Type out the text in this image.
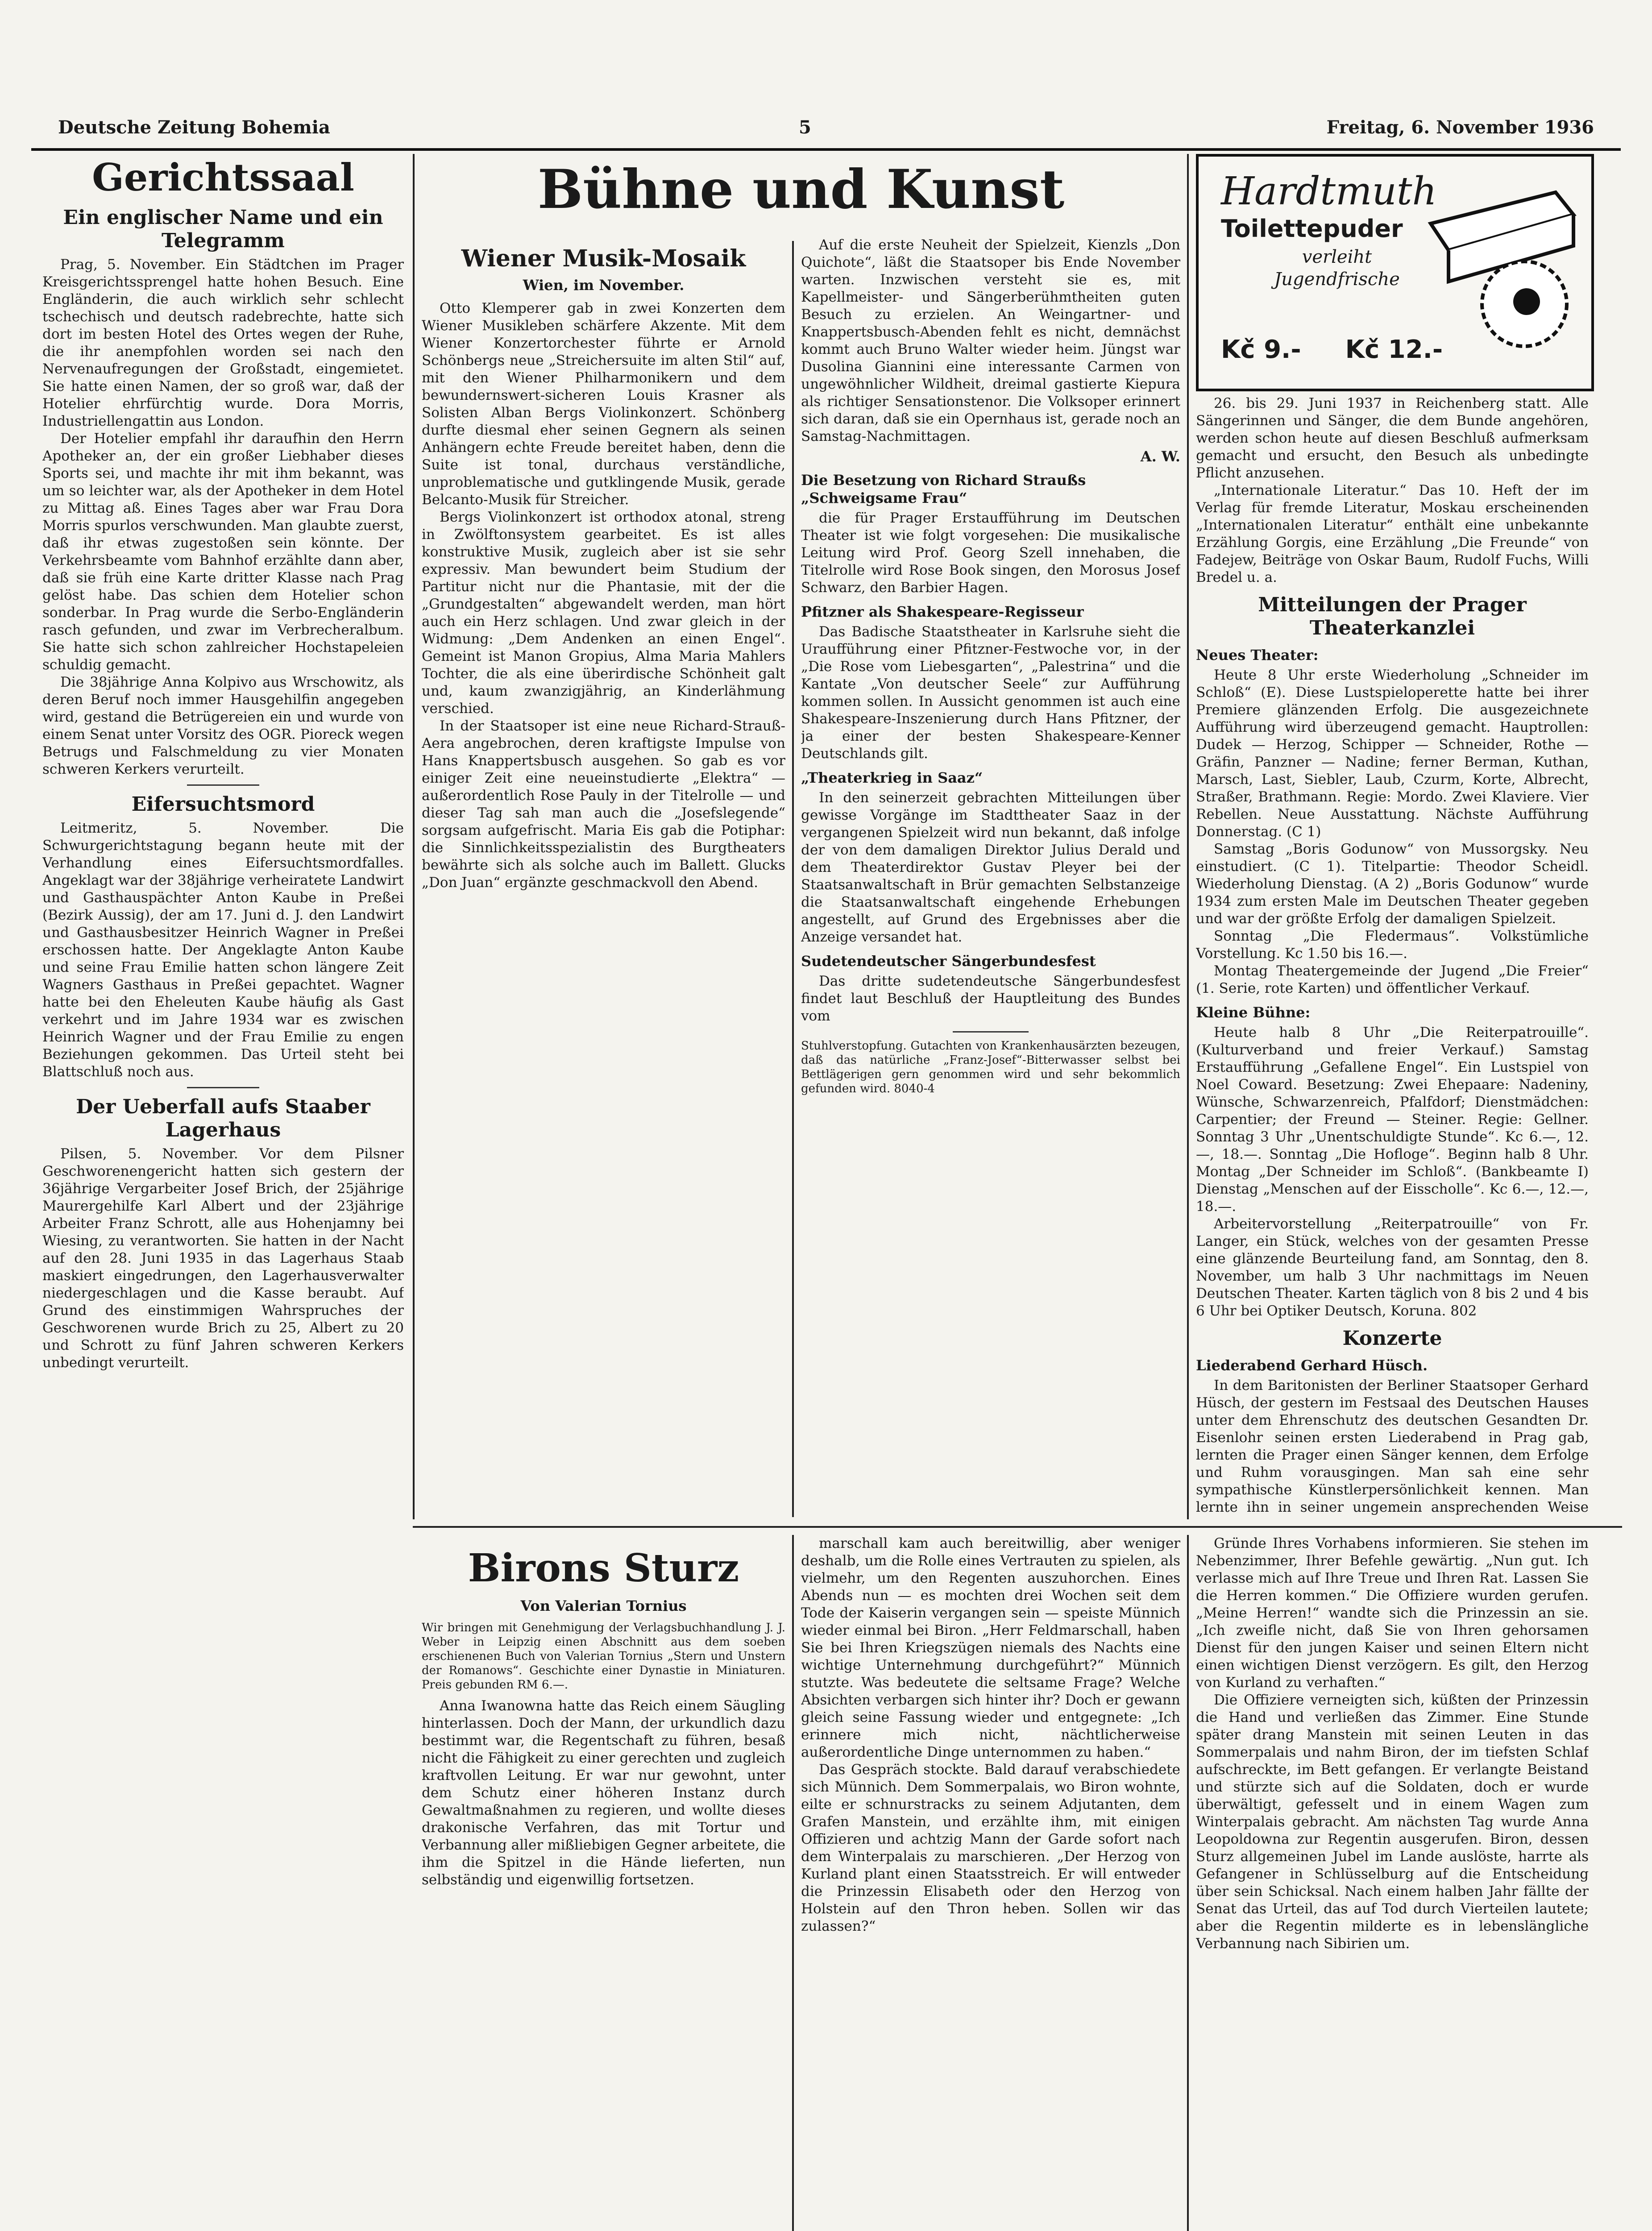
Deutsche Zeitung Bohemia	5	Freitag, 6. November 1936
Gerichtssaal
Ein englischer Name und ein Telegramm

Prag, 5. November. Ein Städtchen im Prager Kreisgerichtssprengel hatte hohen Besuch. Eine Engländerin, die auch wirklich sehr schlecht tschechisch und deutsch radebrechte, hatte sich dort im besten Hotel des Ortes wegen der Ruhe, die ihr anempfohlen worden sei nach den Nervenaufregungen der Großstadt, eingemietet. Sie hatte einen Namen, der so groß war, daß der Hotelier ehrfürchtig wurde. Dora Morris, Industriellengattin aus London.

Der Hotelier empfahl ihr daraufhin den Herrn Apotheker an, der ein großer Liebhaber dieses Sports sei, und machte ihr mit ihm bekannt, was um so leichter war, als der Apotheker in dem Hotel zu Mittag aß. Eines Tages aber war Frau Dora Morris spurlos verschwunden. Man glaubte zuerst, daß ihr etwas zugestoßen sein könnte. Der Verkehrsbeamte vom Bahnhof erzählte dann aber, daß sie früh eine Karte dritter Klasse nach Prag gelöst habe. Das schien dem Hotelier schon sonderbar. In Prag wurde die Serbo-Engländerin rasch gefunden, und zwar im Verbrecheralbum. Sie hatte sich schon zahlreicher Hochstapeleien schuldig gemacht.

Die 38jährige Anna Kolpivo aus Wrschowitz, als deren Beruf noch immer Hausgehilfin angegeben wird, gestand die Betrügereien ein und wurde von einem Senat unter Vorsitz des OGR. Pioreck wegen Betrugs und Falschmeldung zu vier Monaten schweren Kerkers verurteilt.

Eifersuchtsmord

Leitmeritz, 5. November. Die Schwurgerichtstagung begann heute mit der Verhandlung eines Eifersuchtsmordfalles. Angeklagt war der 38jährige verheiratete Landwirt und Gasthauspächter Anton Kaube in Preßei (Bezirk Aussig), der am 17. Juni d. J. den Landwirt und Gasthausbesitzer Heinrich Wagner in Preßei erschossen hatte. Der Angeklagte Anton Kaube und seine Frau Emilie hatten schon längere Zeit Wagners Gasthaus in Preßei gepachtet. Wagner hatte bei den Eheleuten Kaube häufig als Gast verkehrt und im Jahre 1934 war es zwischen Heinrich Wagner und der Frau Emilie zu engen Beziehungen gekommen. Das Urteil steht bei Blattschluß noch aus.

Der Ueberfall aufs Staaber Lagerhaus

Pilsen, 5. November. Vor dem Pilsner Geschworenengericht hatten sich gestern der 36jährige Vergarbeiter Josef Brich, der 25jährige Maurergehilfe Karl Albert und der 23jährige Arbeiter Franz Schrott, alle aus Hohenjamny bei Wiesing, zu verantworten. Sie hatten in der Nacht auf den 28. Juni 1935 in das Lagerhaus Staab maskiert eingedrungen, den Lagerhausverwalter niedergeschlagen und die Kasse beraubt. Auf Grund des einstimmigen Wahrspruches der Geschworenen wurde Brich zu 25, Albert zu 20 und Schrott zu fünf Jahren schweren Kerkers unbedingt verurteilt.

Bühne und Kunst
Wiener Musik-Mosaik
Wien, im November.

Otto Klemperer gab in zwei Konzerten dem Wiener Musikleben schärfere Akzente. Mit dem Wiener Konzertorchester führte er Arnold Schönbergs neue „Streichersuite im alten Stil“ auf, mit den Wiener Philharmonikern und dem bewundernswert-sicheren Louis Krasner als Solisten Alban Bergs Violinkonzert. Schönberg durfte diesmal eher seinen Gegnern als seinen Anhängern echte Freude bereitet haben, denn die Suite ist tonal, durchaus verständliche, unproblematische und gutklingende Musik, gerade Belcanto-Musik für Streicher.

Bergs Violinkonzert ist orthodox atonal, streng in Zwölftonsystem gearbeitet. Es ist alles konstruktive Musik, zugleich aber ist sie sehr expressiv. Man bewundert beim Studium der Partitur nicht nur die Phantasie, mit der die „Grundgestalten“ abgewandelt werden, man hört auch ein Herz schlagen. Und zwar gleich in der Widmung: „Dem Andenken an einen Engel“. Gemeint ist Manon Gropius, Alma Maria Mahlers Tochter, die als eine überirdische Schönheit galt und, kaum zwanzigjährig, an Kinderlähmung verschied.

In der Staatsoper ist eine neue Richard-Strauß-Aera angebrochen, deren kraftigste Impulse von Hans Knappertsbusch ausgehen. So gab es vor einiger Zeit eine neueinstudierte „Elektra“ — außerordentlich Rose Pauly in der Titelrolle — und dieser Tag sah man auch die „Josefslegende“ sorgsam aufgefrischt. Maria Eis gab die Potiphar: die Sinnlichkeitsspezialistin des Burgtheaters bewährte sich als solche auch im Ballett. Glucks „Don Juan“ ergänzte geschmackvoll den Abend.

Auf die erste Neuheit der Spielzeit, Kienzls „Don Quichote“, läßt die Staatsoper bis Ende November warten. Inzwischen versteht sie es, mit Kapellmeister- und Sängerberühmtheiten guten Besuch zu erzielen. An Weingartner- und Knappertsbusch-Abenden fehlt es nicht, demnächst kommt auch Bruno Walter wieder heim. Jüngst war Dusolina Giannini eine interessante Carmen von ungewöhnlicher Wildheit, dreimal gastierte Kiepura als richtiger Sensationstenor. Die Volksoper erinnert sich daran, daß sie ein Opernhaus ist, gerade noch an Samstag-Nachmittagen.

A. W.
Die Besetzung von Richard Straußs „Schweigsame Frau“

die für Prager Erstaufführung im Deutschen Theater ist wie folgt vorgesehen: Die musikalische Leitung wird Prof. Georg Szell innehaben, die Titelrolle wird Rose Book singen, den Morosus Josef Schwarz, den Barbier Hagen.

Pfitzner als Shakespeare-Regisseur

Das Badische Staatstheater in Karlsruhe sieht die Uraufführung einer Pfitzner-Festwoche vor, in der „Die Rose vom Liebesgarten“, „Palestrina“ und die Kantate „Von deutscher Seele“ zur Aufführung kommen sollen. In Aussicht genommen ist auch eine Shakespeare-Inszenierung durch Hans Pfitzner, der ja einer der besten Shakespeare-Kenner Deutschlands gilt.

„Theaterkrieg in Saaz“

In den seinerzeit gebrachten Mitteilungen über gewisse Vorgänge im Stadttheater Saaz in der vergangenen Spielzeit wird nun bekannt, daß infolge der von dem damaligen Direktor Julius Derald und dem Theaterdirektor Gustav Pleyer bei der Staatsanwaltschaft in Brür gemachten Selbstanzeige die Staatsanwaltschaft eingehende Erhebungen angestellt, auf Grund des Ergebnisses aber die Anzeige versandet hat.

Sudetendeutscher Sängerbundesfest

Das dritte sudetendeutsche Sängerbundesfest findet laut Beschluß der Hauptleitung des Bundes vom

Stuhlverstopfung. Gutachten von Krankenhausärzten bezeugen, daß das natürliche „Franz-Josef“-Bitterwasser selbst bei Bettlägerigen gern genommen wird und sehr bekommlich gefunden wird. 8040-4

Hardtmuth
Toilettepuder
verleiht Jugendfrische
Kč 9.- Kč 12.-

26. bis 29. Juni 1937 in Reichenberg statt. Alle Sängerinnen und Sänger, die dem Bunde angehören, werden schon heute auf diesen Beschluß aufmerksam gemacht und ersucht, den Besuch als unbedingte Pflicht anzusehen.

„Internationale Literatur.“ Das 10. Heft der im Verlag für fremde Literatur, Moskau erscheinenden „Internationalen Literatur“ enthält eine unbekannte Erzählung Gorgis, eine Erzählung „Die Freunde“ von Fadejew, Beiträge von Oskar Baum, Rudolf Fuchs, Willi Bredel u. a.

Mitteilungen der Prager Theaterkanzlei
Neues Theater:

Heute 8 Uhr erste Wiederholung „Schneider im Schloß“ (E). Diese Lustspieloperette hatte bei ihrer Premiere glänzenden Erfolg. Die ausgezeichnete Aufführung wird überzeugend gemacht. Hauptrollen: Dudek — Herzog, Schipper — Schneider, Rothe — Gräfin, Panzner — Nadine; ferner Berman, Kuthan, Marsch, Last, Siebler, Laub, Czurm, Korte, Albrecht, Straßer, Brathmann. Regie: Mordo. Zwei Klaviere. Vier Rebellen. Neue Ausstattung. Nächste Aufführung Donnerstag. (C 1)

Samstag „Boris Godunow“ von Mussorgsky. Neu einstudiert. (C 1). Titelpartie: Theodor Scheidl. Wiederholung Dienstag. (A 2) „Boris Godunow“ wurde 1934 zum ersten Male im Deutschen Theater gegeben und war der größte Erfolg der damaligen Spielzeit.

Sonntag „Die Fledermaus“. Volkstümliche Vorstellung. Kc 1.50 bis 16.—.

Montag Theatergemeinde der Jugend „Die Freier“ (1. Serie, rote Karten) und öffentlicher Verkauf.

Kleine Bühne:

Heute halb 8 Uhr „Die Reiterpatrouille“. (Kulturverband und freier Verkauf.) Samstag Erstaufführung „Gefallene Engel“. Ein Lustspiel von Noel Coward. Besetzung: Zwei Ehepaare: Nadeniny, Wünsche, Schwarzenreich, Pfalfdorf; Dienstmädchen: Carpentier; der Freund — Steiner. Regie: Gellner. Sonntag 3 Uhr „Unentschuldigte Stunde“. Kc 6.—, 12.—, 18.—. Sonntag „Die Hofloge“. Beginn halb 8 Uhr. Montag „Der Schneider im Schloß“. (Bankbeamte I) Dienstag „Menschen auf der Eisscholle“. Kc 6.—, 12.—, 18.—.

Arbeitervorstellung „Reiterpatrouille“ von Fr. Langer, ein Stück, welches von der gesamten Presse eine glänzende Beurteilung fand, am Sonntag, den 8. November, um halb 3 Uhr nachmittags im Neuen Deutschen Theater. Karten täglich von 8 bis 2 und 4 bis 6 Uhr bei Optiker Deutsch, Koruna. 802

Konzerte
Liederabend Gerhard Hüsch.

In dem Baritonisten der Berliner Staatsoper Gerhard Hüsch, der gestern im Festsaal des Deutschen Hauses unter dem Ehrenschutz des deutschen Gesandten Dr. Eisenlohr seinen ersten Liederabend in Prag gab, lernten die Prager einen Sänger kennen, dem Erfolge und Ruhm vorausgingen. Man sah eine sehr sympathische Künstlerpersönlichkeit kennen. Man lernte ihn in seiner ungemein ansprechenden Weise

Birons Sturz
Von Valerian Tornius

Wir bringen mit Genehmigung der Verlagsbuchhandlung J. J. Weber in Leipzig einen Abschnitt aus dem soeben erschienenen Buch von Valerian Tornius „Stern und Unstern der Romanows“. Geschichte einer Dynastie in Miniaturen. Preis gebunden RM 6.—.

Anna Iwanowna hatte das Reich einem Säugling hinterlassen. Doch der Mann, der urkundlich dazu bestimmt war, die Regentschaft zu führen, besaß nicht die Fähigkeit zu einer gerechten und zugleich kraftvollen Leitung. Er war nur gewohnt, unter dem Schutz einer höheren Instanz durch Gewaltmaßnahmen zu regieren, und wollte dieses drakonische Verfahren, das mit Tortur und Verbannung aller mißliebigen Gegner arbeitete, die ihm die Spitzel in die Hände lieferten, nun selbständig und eigenwillig fortsetzen.

marschall kam auch bereitwillig, aber weniger deshalb, um die Rolle eines Vertrauten zu spielen, als vielmehr, um den Regenten auszuhorchen. Eines Abends nun — es mochten drei Wochen seit dem Tode der Kaiserin vergangen sein — speiste Münnich wieder einmal bei Biron. „Herr Feldmarschall, haben Sie bei Ihren Kriegszügen niemals des Nachts eine wichtige Unternehmung durchgeführt?“ Münnich stutzte. Was bedeutete die seltsame Frage? Welche Absichten verbargen sich hinter ihr? Doch er gewann gleich seine Fassung wieder und entgegnete: „Ich erinnere mich nicht, nächtlicherweise außerordentliche Dinge unternommen zu haben.“

Das Gespräch stockte. Bald darauf verabschiedete sich Münnich. Dem Sommerpalais, wo Biron wohnte, eilte er schnurstracks zu seinem Adjutanten, dem Grafen Manstein, und erzählte ihm, mit einigen Offizieren und achtzig Mann der Garde sofort nach dem Winterpalais zu marschieren. „Der Herzog von Kurland plant einen Staatsstreich. Er will entweder die Prinzessin Elisabeth oder den Herzog von Holstein auf den Thron heben. Sollen wir das zulassen?“

Gründe Ihres Vorhabens informieren. Sie stehen im Nebenzimmer, Ihrer Befehle gewärtig. „Nun gut. Ich verlasse mich auf Ihre Treue und Ihren Rat. Lassen Sie die Herren kommen.“ Die Offiziere wurden gerufen. „Meine Herren!“ wandte sich die Prinzessin an sie. „Ich zweifle nicht, daß Sie von Ihren gehorsamen Dienst für den jungen Kaiser und seinen Eltern nicht einen wichtigen Dienst verzögern. Es gilt, den Herzog von Kurland zu verhaften.“

Die Offiziere verneigten sich, küßten der Prinzessin die Hand und verließen das Zimmer. Eine Stunde später drang Manstein mit seinen Leuten in das Sommerpalais und nahm Biron, der im tiefsten Schlaf aufschreckte, im Bett gefangen. Er verlangte Beistand und stürzte sich auf die Soldaten, doch er wurde überwältigt, gefesselt und in einem Wagen zum Winterpalais gebracht. Am nächsten Tag wurde Anna Leopoldowna zur Regentin ausgerufen. Biron, dessen Sturz allgemeinen Jubel im Lande auslöste, harrte als Gefangener in Schlüsselburg auf die Entscheidung über sein Schicksal. Nach einem halben Jahr fällte der Senat das Urteil, das auf Tod durch Vierteilen lautete; aber die Regentin milderte es in lebenslängliche Verbannung nach Sibirien um.
